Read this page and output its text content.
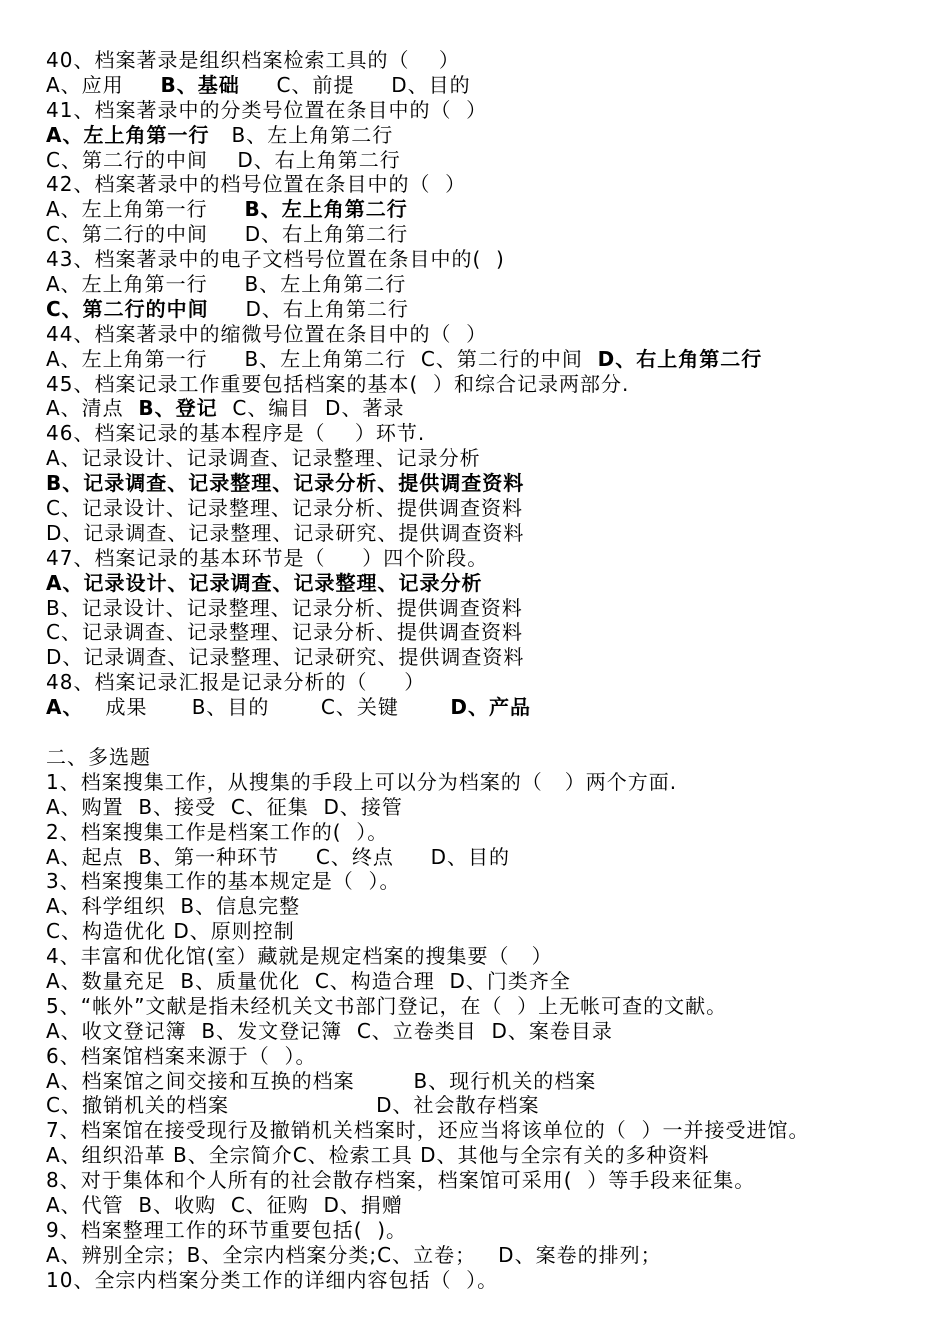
40、档案著录是组织档案检索工具的（    ）
A、应用     B、基础     C、前提     D、目的
41、档案著录中的分类号位置在条目中的（  ）
A、左上角第一行   B、左上角第二行
C、第二行的中间    D、右上角第二行
42、档案著录中的档号位置在条目中的（  ）
A、左上角第一行     B、左上角第二行
C、第二行的中间     D、右上角第二行
43、档案著录中的电子文档号位置在条目中的(  )
A、左上角第一行     B、左上角第二行
C、第二行的中间     D、右上角第二行
44、档案著录中的缩微号位置在条目中的（  ）
A、左上角第一行     B、左上角第二行  C、第二行的中间  D、右上角第二行
45、档案记录工作重要包括档案的基本(  ）和综合记录两部分.
A、清点  B、登记  C、编目  D、著录
46、档案记录的基本程序是（    ）环节.
A、记录设计、记录调查、记录整理、记录分析
B、记录调查、记录整理、记录分析、提供调查资料
C、记录设计、记录整理、记录分析、提供调查资料
D、记录调查、记录整理、记录研究、提供调查资料
47、档案记录的基本环节是（     ）四个阶段。
A、记录设计、记录调查、记录整理、记录分析
B、记录设计、记录整理、记录分析、提供调查资料
C、记录调查、记录整理、记录分析、提供调查资料
D、记录调查、记录整理、记录研究、提供调查资料
48、档案记录汇报是记录分析的（     ）
A、   成果      B、目的       C、关键       D、产品
二、多选题
1、档案搜集工作，从搜集的手段上可以分为档案的（   ）两个方面.
A、购置  B、接受  C、征集  D、接管
2、档案搜集工作是档案工作的(  ）。
A、起点  B、第一种环节     C、终点     D、目的
3、档案搜集工作的基本规定是（  ）。
A、科学组织  B、信息完整
C、构造优化 D、原则控制
4、丰富和优化馆(室）藏就是规定档案的搜集要（   ）
A、数量充足  B、质量优化  C、构造合理  D、门类齐全
5、“帐外”文献是指未经机关文书部门登记，在（  ）上无帐可查的文献。
A、收文登记簿  B、发文登记簿  C、立卷类目  D、案卷目录
6、档案馆档案来源于（  ）。
A、档案馆之间交接和互换的档案        B、现行机关的档案
C、撤销机关的档案                    D、社会散存档案
7、档案馆在接受现行及撤销机关档案时，还应当将该单位的（  ）一并接受进馆。
A、组织沿革 B、全宗简介C、检索工具 D、其他与全宗有关的多种资料
8、对于集体和个人所有的社会散存档案，档案馆可采用(  ）等手段来征集。
A、代管  B、收购  C、征购  D、捐赠
9、档案整理工作的环节重要包括(  )。
A、辨别全宗；B、全宗内档案分类;C、立卷；   D、案卷的排列；
10、全宗内档案分类工作的详细内容包括（  ）。
